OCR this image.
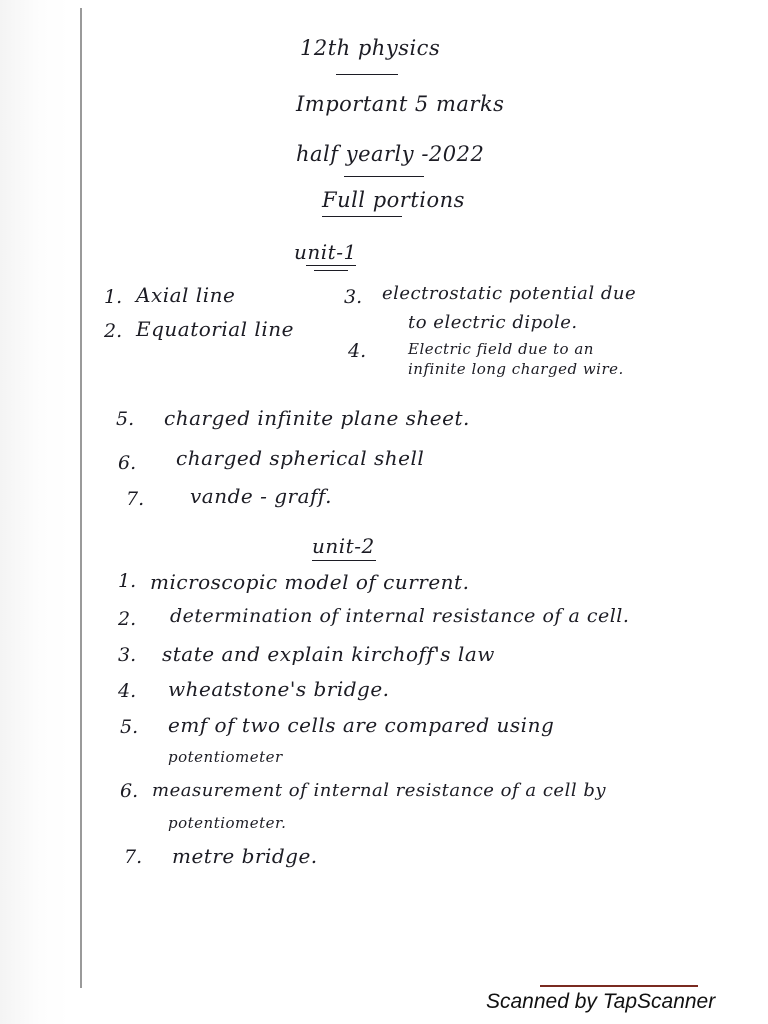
12th physics
Important 5 marks
half yearly -2022
Full portions
unit-1
1. Axial line
2. Equatorial line
3. electrostatic potential due
to electric dipole.
4.	Electric field due to an
infinite long charged wire.
5. charged infinite plane sheet.
6. charged spherical shell
7. vande - graff.
unit-2
1. microscopic model of current.
2. determination of internal resistance of a cell.
3. state and explain kirchoff's law
4. wheatstone's bridge.
5. emf of two cells are compared using
potentiometer
6. measurement of internal resistance of a cell by
potentiometer.
7. metre bridge.
Scanned by TapScanner
